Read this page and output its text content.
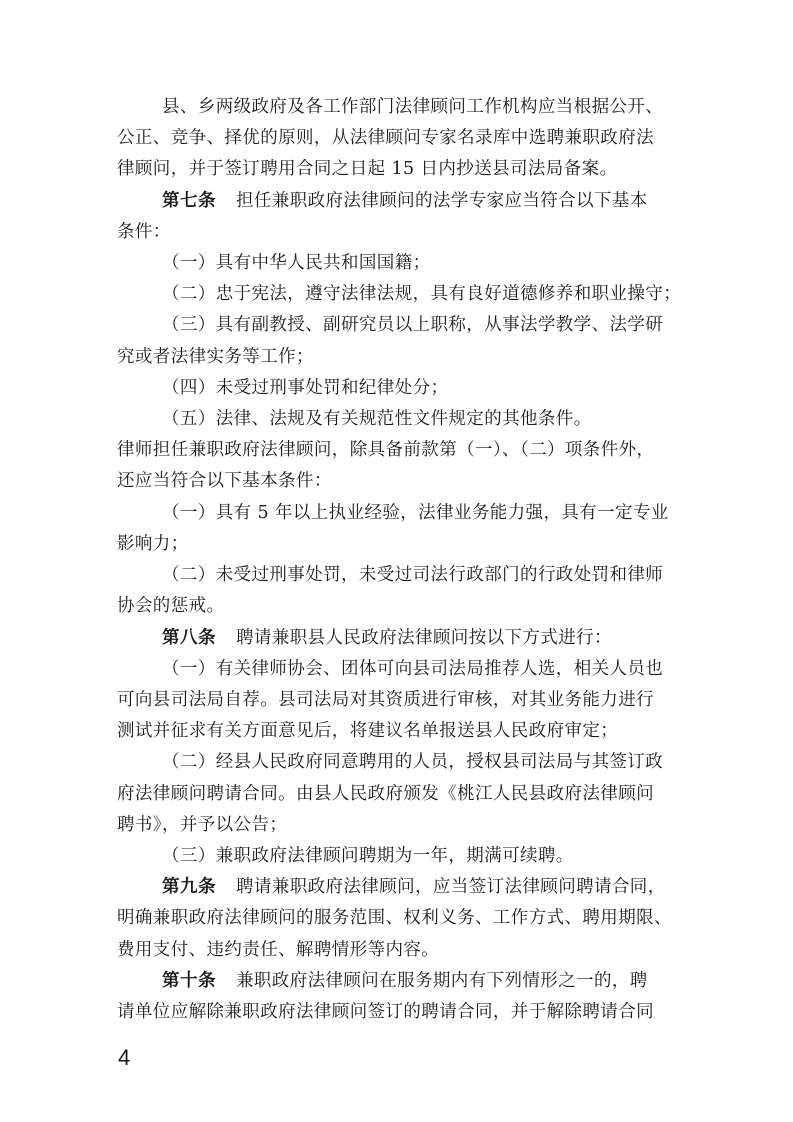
县、乡两级政府及各工作部门法律顾问工作机构应当根据公开、
公正、竞争、择优的原则，从法律顾问专家名录库中选聘兼职政府法
律顾问，并于签订聘用合同之日起 15 日内抄送县司法局备案。
第七条 担任兼职政府法律顾问的法学专家应当符合以下基本
条件：
（一）具有中华人民共和国国籍；
（二）忠于宪法，遵守法律法规，具有良好道德修养和职业操守；
（三）具有副教授、副研究员以上职称，从事法学教学、法学研
究或者法律实务等工作；
（四）未受过刑事处罚和纪律处分；
（五）法律、法规及有关规范性文件规定的其他条件。
律师担任兼职政府法律顾问，除具备前款第（一）、（二）项条件外，
还应当符合以下基本条件：
（一）具有 5 年以上执业经验，法律业务能力强，具有一定专业
影响力；
（二）未受过刑事处罚，未受过司法行政部门的行政处罚和律师
协会的惩戒。
第八条 聘请兼职县人民政府法律顾问按以下方式进行：
（一）有关律师协会、团体可向县司法局推荐人选，相关人员也
可向县司法局自荐。县司法局对其资质进行审核，对其业务能力进行
测试并征求有关方面意见后，将建议名单报送县人民政府审定；
（二）经县人民政府同意聘用的人员，授权县司法局与其签订政
府法律顾问聘请合同。由县人民政府颁发《桃江人民县政府法律顾问
聘书》，并予以公告；
（三）兼职政府法律顾问聘期为一年，期满可续聘。
第九条 聘请兼职政府法律顾问，应当签订法律顾问聘请合同，
明确兼职政府法律顾问的服务范围、权利义务、工作方式、聘用期限、
费用支付、违约责任、解聘情形等内容。
第十条 兼职政府法律顾问在服务期内有下列情形之一的，聘
请单位应解除兼职政府法律顾问签订的聘请合同，并于解除聘请合同
4
